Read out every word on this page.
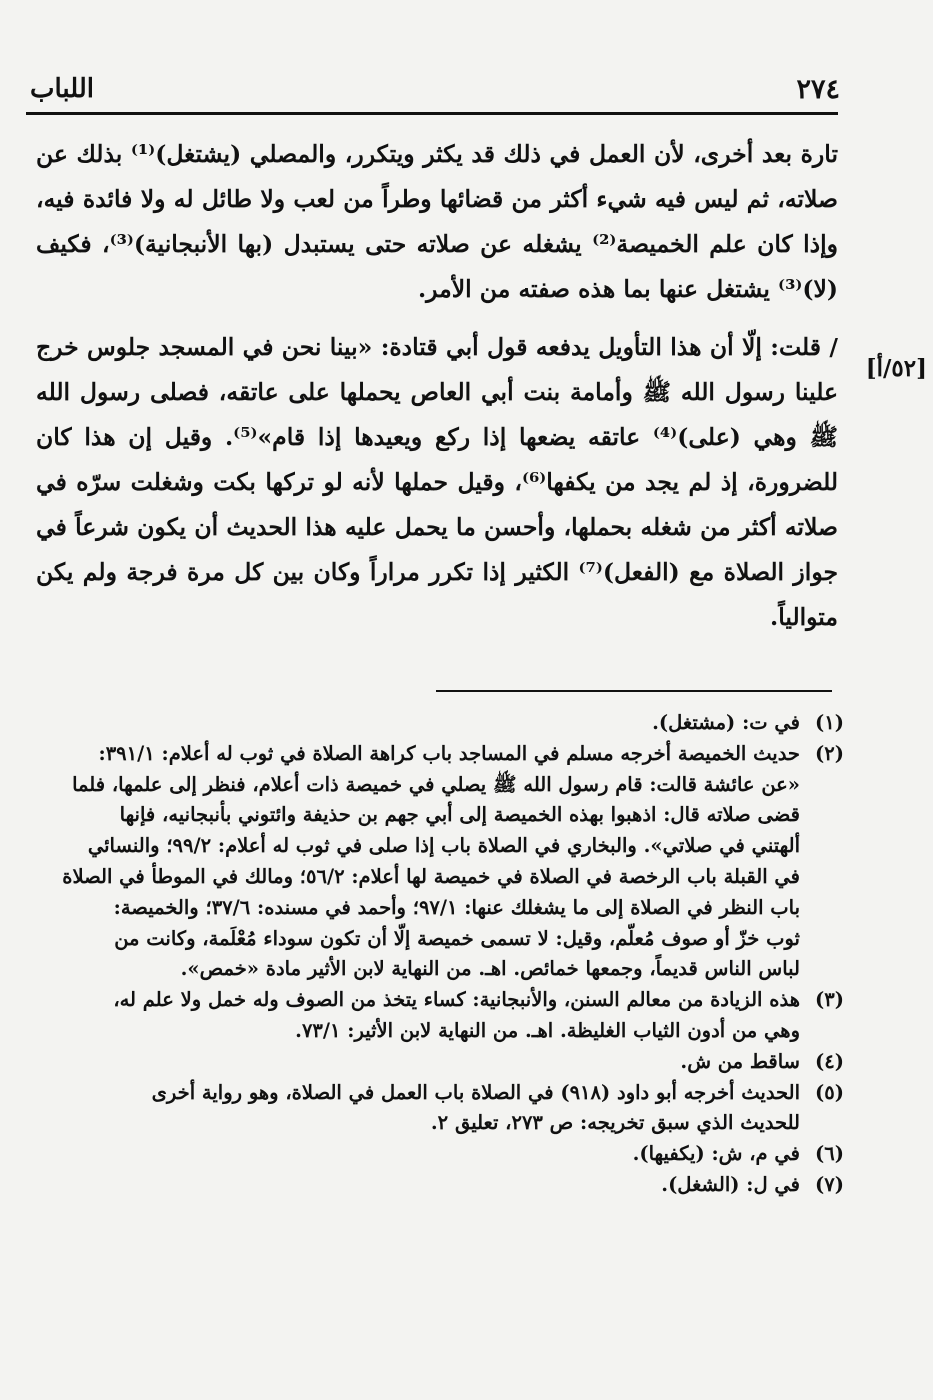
٢٧٤
اللباب
[٥٢/أ]

تارة بعد أخرى، لأن العمل في ذلك قد يكثر ويتكرر، والمصلي (يشتغل)⁽¹⁾ بذلك عن صلاته، ثم ليس فيه شيء أكثر من قضائها وطراً من لعب ولا طائل له ولا فائدة فيه، وإذا كان علم الخميصة⁽²⁾ يشغله عن صلاته حتى يستبدل (بها الأنبجانية)⁽³⁾، فكيف (لا)⁽³⁾ يشتغل عنها بما هذه صفته من الأمر.

/ قلت: إلّا أن هذا التأويل يدفعه قول أبي قتادة: «بينا نحن في المسجد جلوس خرج علينا رسول الله ﷺ وأمامة بنت أبي العاص يحملها على عاتقه، فصلى رسول الله ﷺ وهي (على)⁽⁴⁾ عاتقه يضعها إذا ركع ويعيدها إذا قام»⁽⁵⁾. وقيل إن هذا كان للضرورة، إذ لم يجد من يكفها⁽⁶⁾، وقيل حملها لأنه لو تركها بكت وشغلت سرّه في صلاته أكثر من شغله بحملها، وأحسن ما يحمل عليه هذا الحديث أن يكون شرعاً في جواز الصلاة مع (الفعل)⁽⁷⁾ الكثير إذا تكرر مراراً وكان بين كل مرة فرجة ولم يكن متوالياً.

(١)
في ت: (مشتغل).
(٢)
حديث الخميصة أخرجه مسلم في المساجد باب كراهة الصلاة في ثوب له أعلام: ٣٩١/١:
«عن عائشة قالت: قام رسول الله ﷺ يصلي في خميصة ذات أعلام، فنظر إلى علمها، فلما
قضى صلاته قال: اذهبوا بهذه الخميصة إلى أبي جهم بن حذيفة وائتوني بأنبجانيه، فإنها
ألهتني في صلاتي». والبخاري في الصلاة باب إذا صلى في ثوب له أعلام: ٩٩/٢؛ والنسائي
في القبلة باب الرخصة في الصلاة في خميصة لها أعلام: ٥٦/٢؛ ومالك في الموطأ في الصلاة
باب النظر في الصلاة إلى ما يشغلك عنها: ٩٧/١؛ وأحمد في مسنده: ٣٧/٦؛ والخميصة:
ثوب خزّ أو صوف مُعلّم، وقيل: لا تسمى خميصة إلّا أن تكون سوداء مُعْلَمة، وكانت من
لباس الناس قديماً، وجمعها خمائص. اهـ. من النهاية لابن الأثير مادة «خمص».
(٣)
هذه الزيادة من معالم السنن، والأنبجانية: كساء يتخذ من الصوف وله خمل ولا علم له،
وهي من أدون الثياب الغليظة. اهـ. من النهاية لابن الأثير: ٧٣/١.
(٤)
ساقط من ش.
(٥)
الحديث أخرجه أبو داود (٩١٨) في الصلاة باب العمل في الصلاة، وهو رواية أخرى
للحديث الذي سبق تخريجه: ص ٢٧٣، تعليق ٢.
(٦)
في م، ش: (يكفيها).
(٧)
في ل: (الشغل).
